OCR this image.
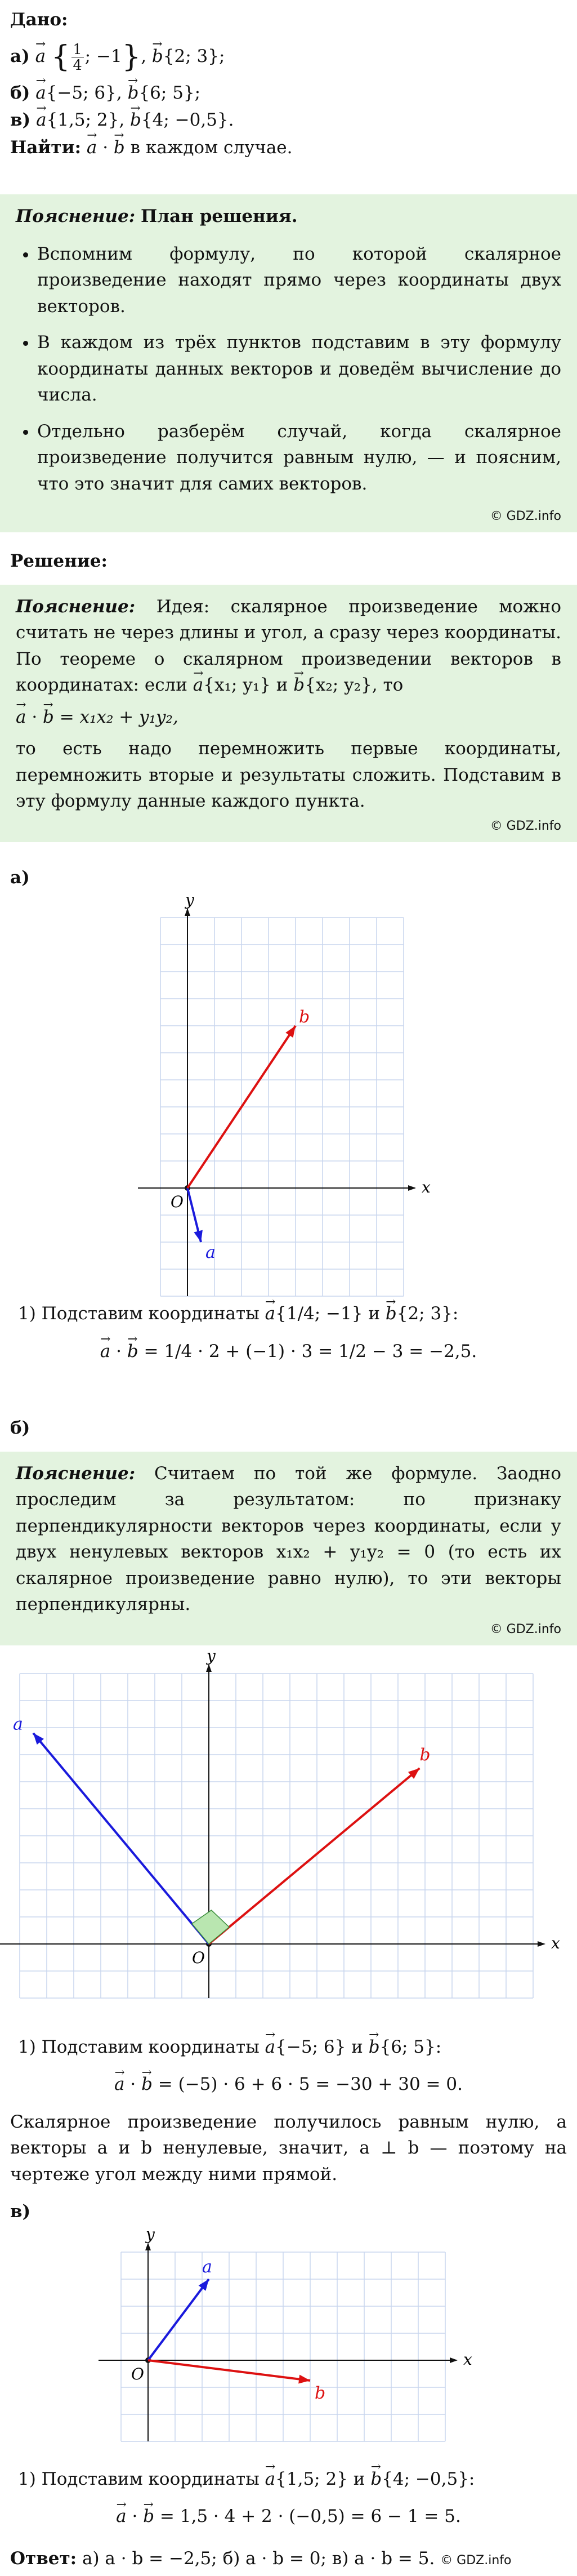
Дано:
а) → a { $\frac{1}{4}$ ; −1}, → b{2; 3};
б) → a{−5; 6}, → b{6; 5};
в) → a{1,5; 2}, → b{4; −0,5}.
Найти: → a · → b в каждом случае.

Пояснение: План решения.

• Вспомним формулу, по которой скалярное произведение находят прямо через координаты двух векторов.
• В каждом из трёх пунктов подставим в эту формулу координаты данных векторов и доведём вычисление до числа.
• Отдельно разберём случай, когда скалярное произведение получится равным нулю, — и поясним, что это значит для самих векторов.
© GDZ.info
Решение:

Пояснение: Идея: скалярное произведение можно считать не через длины и угол, а сразу через координаты. По теореме о скалярном произведении векторов в координатах: если → a{x₁; y₁} и → b{x₂; y₂}, то

→ a · → b = x₁x₂ + y₁y₂,

то есть надо перемножить первые координаты, перемножить вторые и результаты сложить. Подставим в эту формулу данные каждого пункта.

© GDZ.info
а)
x
y
O
a
b
1) Подставим координаты → a{1/4; −1} и → b{2; 3}:

→ a · → b = 1/4 · 2 + (−1) · 3 = 1/2 − 3 = −2,5.

б)

Пояснение: Считаем по той же формуле. Заодно проследим за результатом: по признаку перпендикулярности векторов через координаты, если у двух ненулевых векторов x₁x₂ + y₁y₂ = 0 (то есть их скалярное произведение равно нулю), то эти векторы перпендикулярны.

© GDZ.info
x
y
O
a
b
1) Подставим координаты → a{−5; 6} и → b{6; 5}:

→ a · → b = (−5) · 6 + 6 · 5 = −30 + 30 = 0.

Скалярное произведение получилось равным нулю, а векторы a и b ненулевые, значит, a ⊥ b — поэтому на чертеже угол между ними прямой.

в)
x
y
O
a
b
1) Подставим координаты → a{1,5; 2} и → b{4; −0,5}:

→ a · → b = 1,5 · 4 + 2 · (−0,5) = 6 − 1 = 5.

Ответ: а) a · b = −2,5; б) a · b = 0; в) a · b = 5. © GDZ.info
